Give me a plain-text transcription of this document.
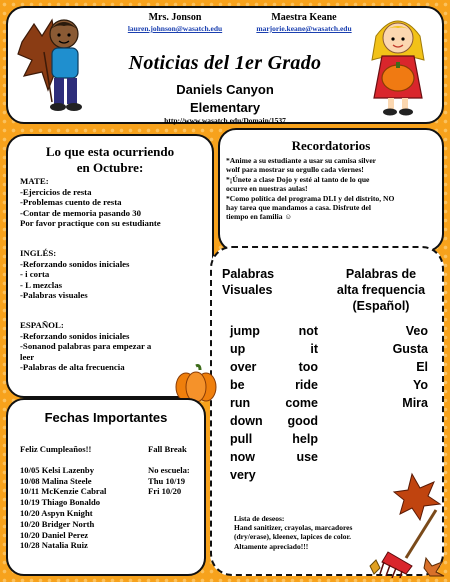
Mrs. Jonson
lauren.johnson@wasatch.edu
Maestra Keane
marjorie.keane@wasatch.edu
Noticias del 1er Grado
Daniels Canyon
Elementary
http://www.wasatch.edu/Domain/1537
Lo que esta ocurriendo
en Octubre:
MATE:
-Ejercicios de resta
-Problemas cuento de resta
-Contar de memoria pasando 30
Por favor practique con su estudiante
INGLÉS:
-Reforzando sonidos iniciales
- i corta
- L mezclas
-Palabras visuales
ESPAÑOL:
-Reforzando sonidos iniciales
-Sonanod palabras para empezar a
leer
-Palabras de alta frecuencia
Recordatorios
*Anime a su estudiante a usar su camisa silver
wolf para mostrar su orgullo cada viernes!
*¡Únete a clase Dojo y esté al tanto de lo que
ocurre en nuestras aulas!
*Como política del programa DLI y del distrito, NO
hay tarea que mandamos a casa. Disfrute del
tiempo en familia ☺
Palabras
Visuales
Palabras de
alta frequencia
(Español)
jump
up
over
be
run
down
pull
now
very
not
it
too
ride
come
good
help
use
Veo
Gusta
El
Yo
Mira
Lista de deseos:
Hand sanitizer, crayolas, marcadores
(dry/erase), kleenex, lapices de color.
Altamente apreciado!!!
Fechas Importantes
Feliz Cumpleaños!!
10/05 Kelsi Lazenby
10/08 Malina Steele
10/11 McKenzie Cabral
10/19 Thiago Bonaldo
10/20 Aspyn Knight
10/20 Bridger North
10/20 Daniel Perez
10/28 Natalia Ruiz
Fall Break
No escuela:
Thu 10/19
Fri 10/20
